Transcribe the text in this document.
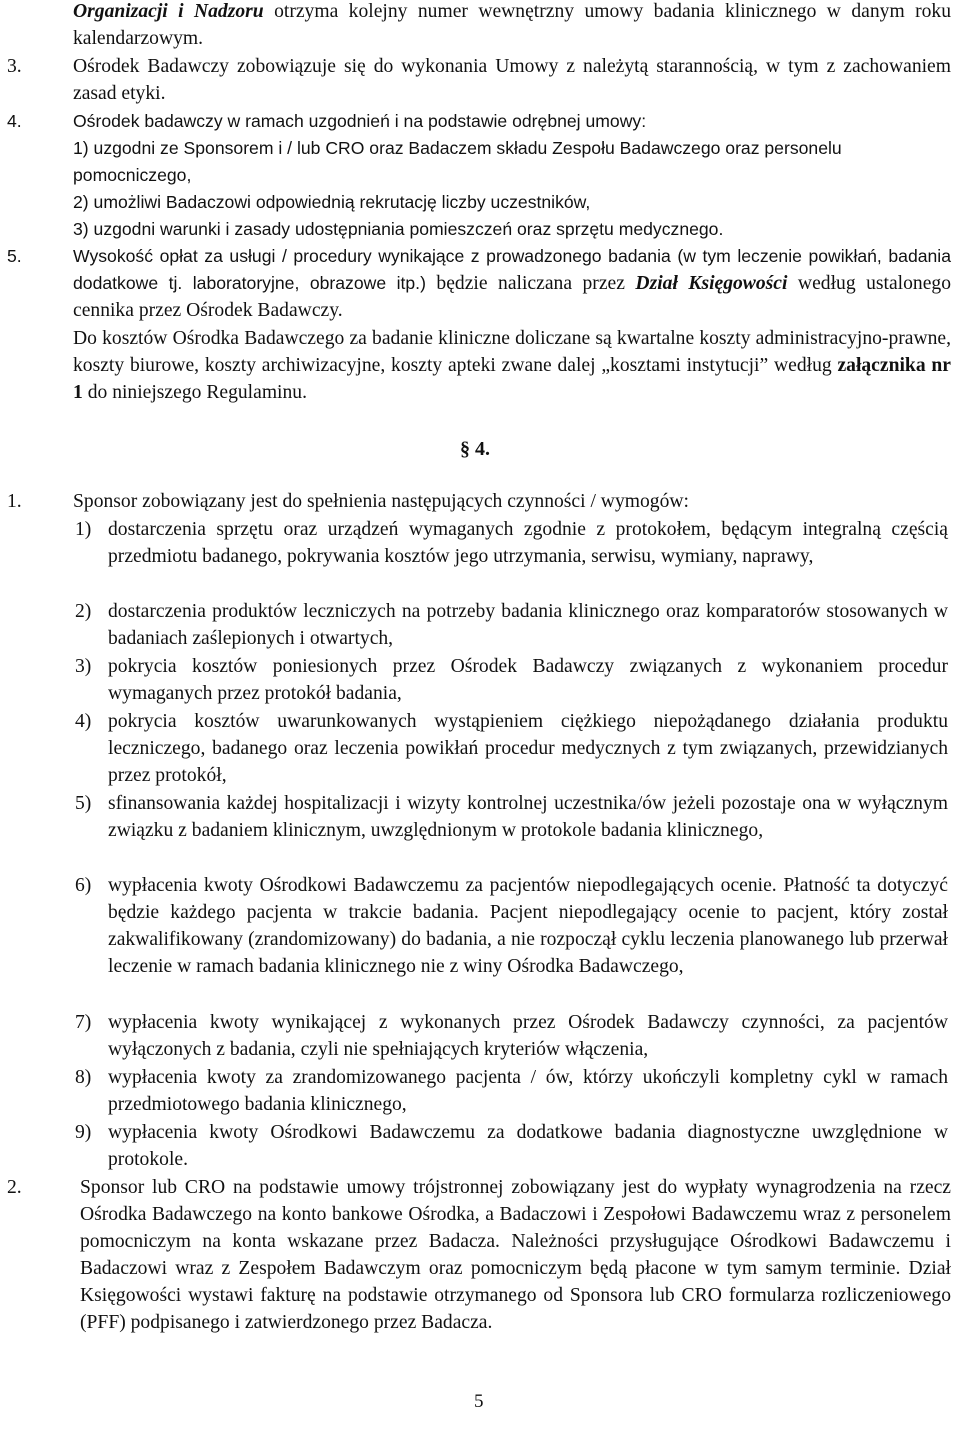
Organizacji i Nadzoru otrzyma kolejny numer wewnętrzny umowy badania klinicznego w danym roku kalendarzowym.

3.	Ośrodek Badawczy zobowiązuje się do wykonania Umowy z należytą starannością, w tym z zachowaniem zasad etyki.

4.	Ośrodek badawczy w ramach uzgodnień i na podstawie odrębnej umowy:
1) uzgodni ze Sponsorem i / lub CRO oraz Badaczem składu Zespołu Badawczego oraz personelu pomocniczego,
2) umożliwi Badaczowi odpowiednią rekrutację liczby uczestników,
3) uzgodni warunki i zasady udostępniania pomieszczeń oraz sprzętu medycznego.
5.	Wysokość opłat za usługi / procedury wynikające z prowadzonego badania (w tym leczenie powikłań, badania dodatkowe tj. laboratoryjne, obrazowe itp.) będzie naliczana przez Dział Księgowości według ustalonego cennika przez Ośrodek Badawczy.

Do kosztów Ośrodka Badawczego za badanie kliniczne doliczane są kwartalne koszty administracyjno-prawne, koszty biurowe, koszty archiwizacyjne, koszty apteki zwane dalej „kosztami instytucji” według załącznika nr 1 do niniejszego Regulaminu.

§ 4.
1.	Sponsor zobowiązany jest do spełnienia następujących czynności / wymogów:

1) dostarczenia sprzętu oraz urządzeń wymaganych zgodnie z protokołem, będącym integralną częścią przedmiotu badanego, pokrywania kosztów jego utrzymania, serwisu, wymiany, naprawy,

2) dostarczenia produktów leczniczych na potrzeby badania klinicznego oraz komparatorów stosowanych w badaniach zaślepionych i otwartych,

3) pokrycia kosztów poniesionych przez Ośrodek Badawczy związanych z wykonaniem procedur wymaganych przez protokół badania,

4) pokrycia kosztów uwarunkowanych wystąpieniem ciężkiego niepożądanego działania produktu leczniczego, badanego oraz leczenia powikłań procedur medycznych z tym związanych, przewidzianych przez protokół,

5) sfinansowania każdej hospitalizacji i wizyty kontrolnej uczestnika/ów jeżeli pozostaje ona w wyłącznym związku z badaniem klinicznym, uwzględnionym w protokole badania klinicznego,

6) wypłacenia kwoty Ośrodkowi Badawczemu za pacjentów niepodlegających ocenie. Płatność ta dotyczyć będzie każdego pacjenta w trakcie badania. Pacjent niepodlegający ocenie to pacjent, który został zakwalifikowany (zrandomizowany) do badania, a nie rozpoczął cyklu leczenia planowanego lub przerwał leczenie w ramach badania klinicznego nie z winy Ośrodka Badawczego,

7) wypłacenia kwoty wynikającej z wykonanych przez Ośrodek Badawczy czynności, za pacjentów wyłączonych z badania, czyli nie spełniających kryteriów włączenia,

8) wypłacenia kwoty za zrandomizowanego pacjenta / ów, którzy ukończyli kompletny cykl w ramach przedmiotowego badania klinicznego,

9) wypłacenia kwoty Ośrodkowi Badawczemu za dodatkowe badania diagnostyczne uwzględnione w protokole.

2.	Sponsor lub CRO na podstawie umowy trójstronnej zobowiązany jest do wypłaty wynagrodzenia na rzecz Ośrodka Badawczego na konto bankowe Ośrodka, a Badaczowi i Zespołowi Badawczemu wraz z personelem pomocniczym na konta wskazane przez Badacza. Należności przysługujące Ośrodkowi Badawczemu i Badaczowi wraz z Zespołem Badawczym oraz pomocniczym będą płacone w tym samym terminie. Dział Księgowości wystawi fakturę na podstawie otrzymanego od Sponsora lub CRO formularza rozliczeniowego (PFF) podpisanego i zatwierdzonego przez Badacza.

5
